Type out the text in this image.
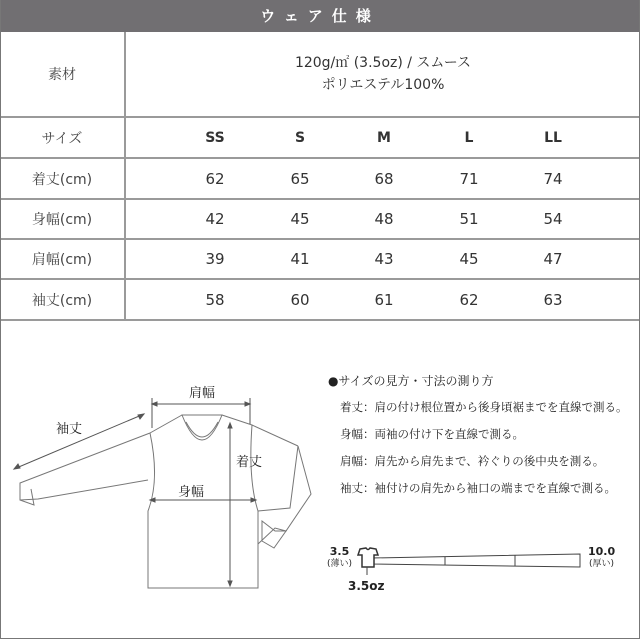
ウェア仕様
素材
120g/㎡ (3.5oz) / スムース
ポリエステル100%
サイズ	SS	S	M	L	LL
着丈(cm)	62	65	68	71	74
身幅(cm)	42	45	48	51	54
肩幅(cm)	39	41	43	45	47
袖丈(cm)	58	60	61	62	63
肩幅
袖丈
着丈
身幅
●サイズの見方・寸法の測り方
着丈：肩の付け根位置から後身頃裾までを直線で測る。
身幅：両袖の付け下を直線で測る。
肩幅：肩先から肩先まで、衿ぐりの後中央を測る。
袖丈：袖付けの肩先から袖口の端までを直線で測る。
3.5
(薄い)
3.5oz
10.0
(厚い)
